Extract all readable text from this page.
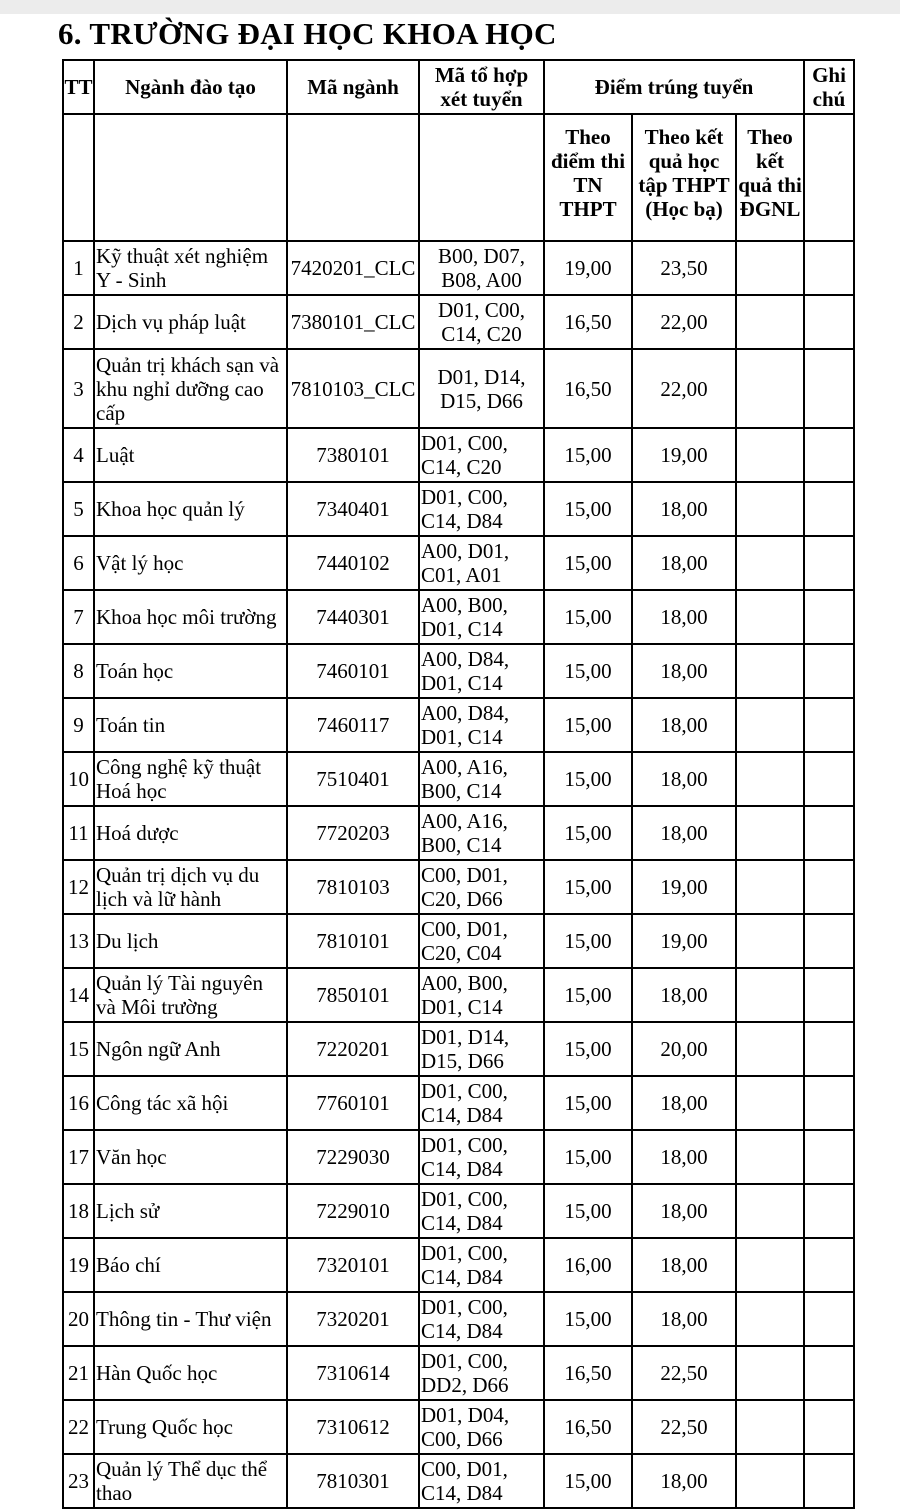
6. TRƯỜNG ĐẠI HỌC KHOA HỌC
TT	Ngành đào tạo	Mã ngành	Mã tổ hợp xét tuyển	Điểm trúng tuyển			Ghi chú
				Theo điểm thi TN THPT	Theo kết quả học tập THPT (Học bạ)	Theo kết quả thi ĐGNL	
1	Kỹ thuật xét nghiệm Y - Sinh	7420201_CLC	B00, D07, B08, A00	19,00	23,50		
2	Dịch vụ pháp luật	7380101_CLC	D01, C00, C14, C20	16,50	22,00		
3	Quản trị khách sạn và khu nghỉ dưỡng cao cấp	7810103_CLC	D01, D14, D15, D66	16,50	22,00		
4	Luật	7380101	D01, C00, C14, C20	15,00	19,00		
5	Khoa học quản lý	7340401	D01, C00, C14, D84	15,00	18,00		
6	Vật lý học	7440102	A00, D01, C01, A01	15,00	18,00		
7	Khoa học môi trường	7440301	A00, B00, D01, C14	15,00	18,00		
8	Toán học	7460101	A00, D84, D01, C14	15,00	18,00		
9	Toán tin	7460117	A00, D84, D01, C14	15,00	18,00		
10	Công nghệ kỹ thuật Hoá học	7510401	A00, A16, B00, C14	15,00	18,00		
11	Hoá dược	7720203	A00, A16, B00, C14	15,00	18,00		
12	Quản trị dịch vụ du lịch và lữ hành	7810103	C00, D01, C20, D66	15,00	19,00		
13	Du lịch	7810101	C00, D01, C20, C04	15,00	19,00		
14	Quản lý Tài nguyên và Môi trường	7850101	A00, B00, D01, C14	15,00	18,00		
15	Ngôn ngữ Anh	7220201	D01, D14, D15, D66	15,00	20,00		
16	Công tác xã hội	7760101	D01, C00, C14, D84	15,00	18,00		
17	Văn học	7229030	D01, C00, C14, D84	15,00	18,00		
18	Lịch sử	7229010	D01, C00, C14, D84	15,00	18,00		
19	Báo chí	7320101	D01, C00, C14, D84	16,00	18,00		
20	Thông tin - Thư viện	7320201	D01, C00, C14, D84	15,00	18,00		
21	Hàn Quốc học	7310614	D01, C00, DD2, D66	16,50	22,50		
22	Trung Quốc học	7310612	D01, D04, C00, D66	16,50	22,50		
23	Quản lý Thể dục thể thao	7810301	C00, D01, C14, D84	15,00	18,00		
